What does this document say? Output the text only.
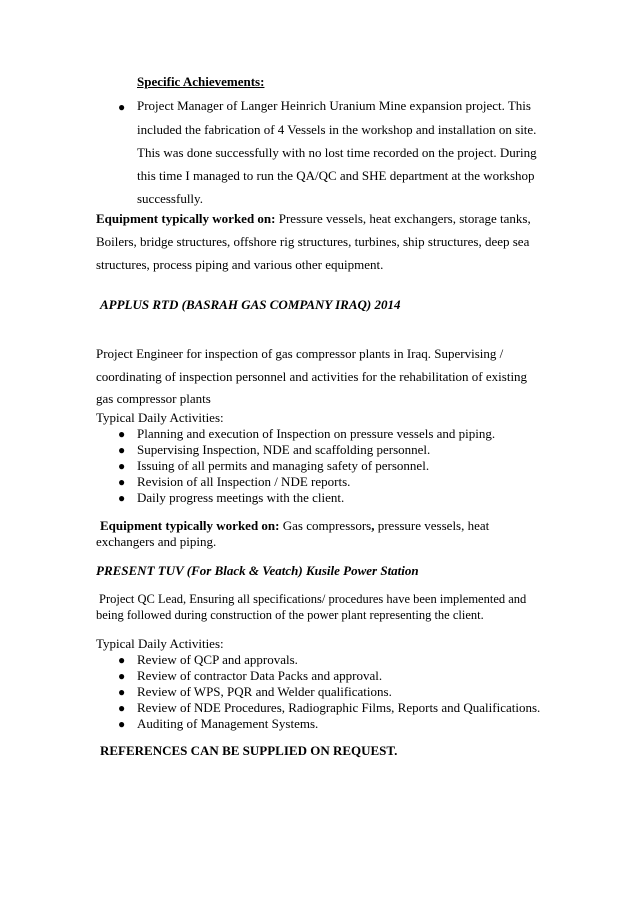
Specific Achievements:
● Project Manager of Langer Heinrich Uranium Mine expansion project. This
included the fabrication of 4 Vessels in the workshop and installation on site.
This was done successfully with no lost time recorded on the project. During
this time I managed to run the QA/QC and SHE department at the workshop
successfully.
Equipment typically worked on: Pressure vessels, heat exchangers, storage tanks,
Boilers, bridge structures, offshore rig structures, turbines, ship structures, deep sea
structures, process piping and various other equipment.
APPLUS RTD (BASRAH GAS COMPANY IRAQ) 2014
Project Engineer for inspection of gas compressor plants in Iraq. Supervising /
coordinating of inspection personnel and activities for the rehabilitation of existing
gas compressor plants
Typical Daily Activities:
● Planning and execution of Inspection on pressure vessels and piping.
● Supervising Inspection, NDE and scaffolding personnel.
● Issuing of all permits and managing safety of personnel.
● Revision of all Inspection / NDE reports.
● Daily progress meetings with the client.
Equipment typically worked on: Gas compressors, pressure vessels, heat
exchangers and piping.
PRESENT TUV (For Black & Veatch) Kusile Power Station
Project QC Lead, Ensuring all specifications/ procedures have been implemented and
being followed during construction of the power plant representing the client.
Typical Daily Activities:
● Review of QCP and approvals.
● Review of contractor Data Packs and approval.
● Review of WPS, PQR and Welder qualifications.
● Review of NDE Procedures, Radiographic Films, Reports and Qualifications.
● Auditing of Management Systems.
REFERENCES CAN BE SUPPLIED ON REQUEST.
